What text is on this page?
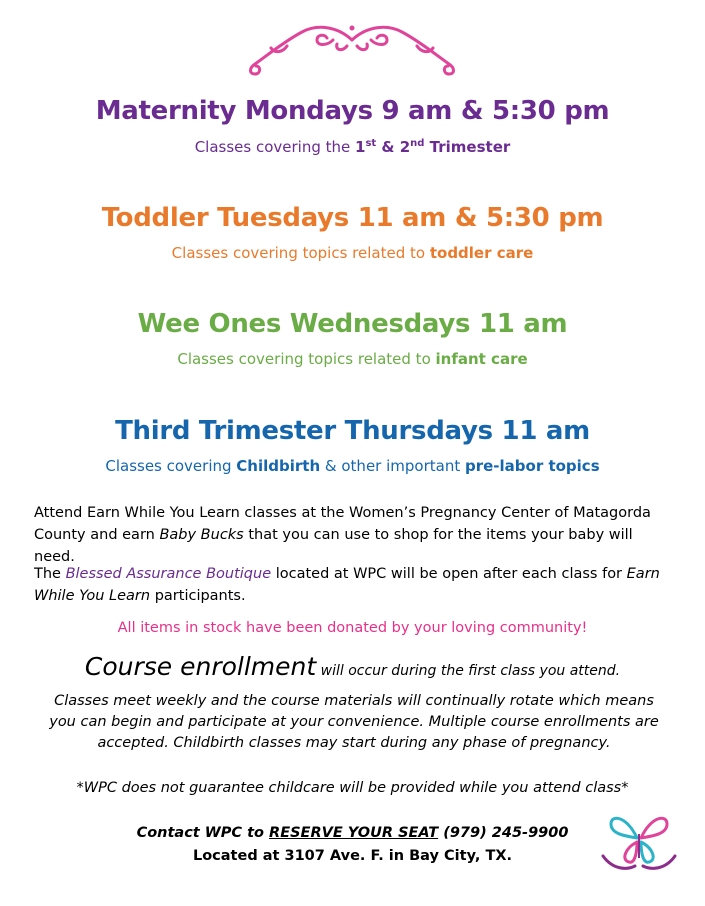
Maternity Mondays 9 am & 5:30 pm
Classes covering the 1st & 2nd Trimester
Toddler Tuesdays 11 am & 5:30 pm
Classes covering topics related to toddler care
Wee Ones Wednesdays 11 am
Classes covering topics related to infant care
Third Trimester Thursdays 11 am
Classes covering Childbirth & other important pre-labor topics
Attend Earn While You Learn classes at the Women’s Pregnancy Center of Matagorda County and earn Baby Bucks that you can use to shop for the items your baby will need.
The Blessed Assurance Boutique located at WPC will be open after each class for Earn While You Learn participants.
All items in stock have been donated by your loving community!
Course enrollment will occur during the first class you attend.
Classes meet weekly and the course materials will continually rotate which means you can begin and participate at your convenience. Multiple course enrollments are accepted. Childbirth classes may start during any phase of pregnancy.
*WPC does not guarantee childcare will be provided while you attend class*
Contact WPC to RESERVE YOUR SEAT (979) 245-9900
Located at 3107 Ave. F. in Bay City, TX.
